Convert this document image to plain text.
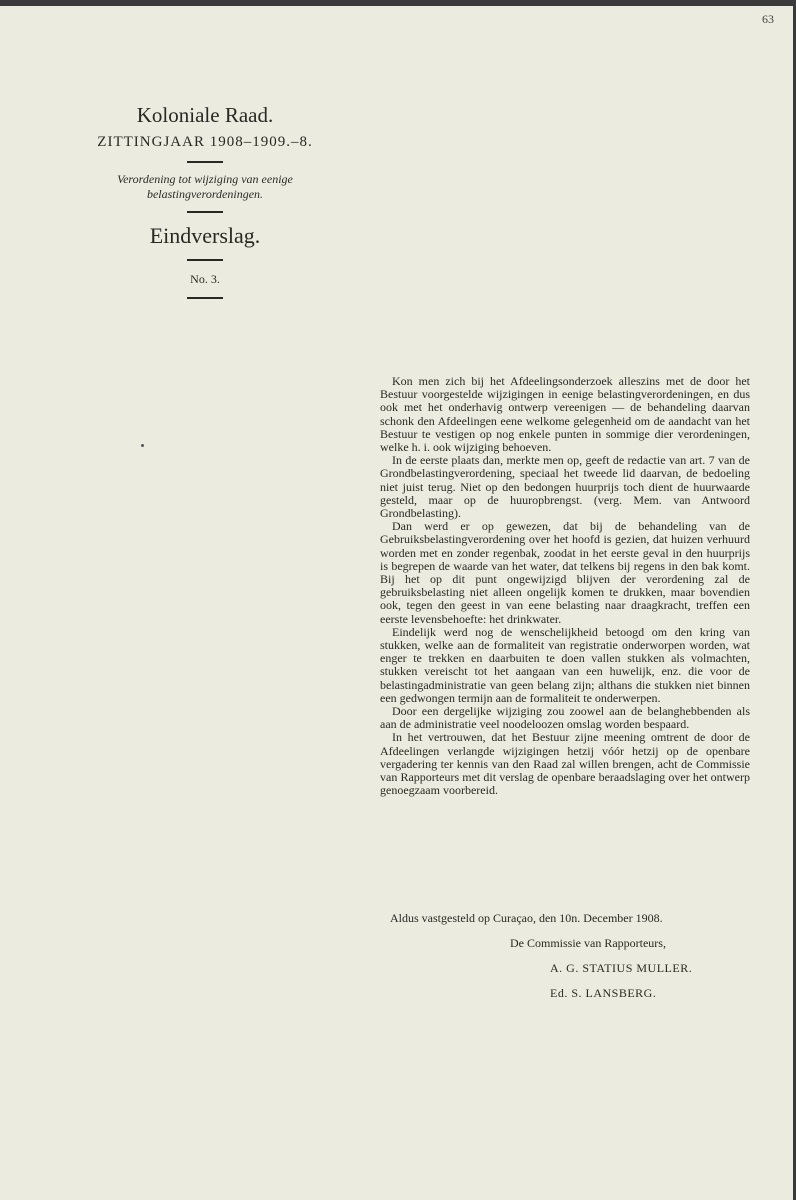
63
Koloniale Raad.
ZITTINGJAAR 1908–1909.–8.
Verordening tot wijziging van eenige belastingverordeningen.
Eindverslag.
No. 3.

Kon men zich bij het Afdeelingsonderzoek alleszins met de door het Bestuur voorgestelde wijzigingen in eenige belastingverordeningen, en dus ook met het onderhavig ontwerp vereenigen — de behandeling daarvan schonk den Afdeelingen eene welkome gelegenheid om de aandacht van het Bestuur te vestigen op nog enkele punten in sommige dier verordeningen, welke h. i. ook wijziging behoeven.

In de eerste plaats dan, merkte men op, geeft de redactie van art. 7 van de Grondbelastingverordening, speciaal het tweede lid daarvan, de bedoeling niet juist terug. Niet op den bedongen huurprijs toch dient de huurwaarde gesteld, maar op de huuropbrengst. (verg. Mem. van Antwoord Grondbelasting).

Dan werd er op gewezen, dat bij de behandeling van de Gebruiksbelastingverordening over het hoofd is gezien, dat huizen verhuurd worden met en zonder regenbak, zoodat in het eerste geval in den huurprijs is begrepen de waarde van het water, dat telkens bij regens in den bak komt. Bij het op dit punt ongewijzigd blijven der verordening zal de gebruiksbelasting niet alleen ongelijk komen te drukken, maar bovendien ook, tegen den geest in van eene belasting naar draagkracht, treffen een eerste levensbehoefte: het drinkwater.

Eindelijk werd nog de wenschelijkheid betoogd om den kring van stukken, welke aan de formaliteit van registratie onderworpen worden, wat enger te trekken en daarbuiten te doen vallen stukken als volmachten, stukken vereischt tot het aangaan van een huwelijk, enz. die voor de belastingadministratie van geen belang zijn; althans die stukken niet binnen een gedwongen termijn aan de formaliteit te onderwerpen.

Door een dergelijke wijziging zou zoowel aan de belanghebbenden als aan de administratie veel noodeloozen omslag worden bespaard.

In het vertrouwen, dat het Bestuur zijne meening omtrent de door de Afdeelingen verlangde wijzigingen hetzij vóór hetzij op de openbare vergadering ter kennis van den Raad zal willen brengen, acht de Commissie van Rapporteurs met dit verslag de openbare beraadslaging over het ontwerp genoegzaam voorbereid.

Aldus vastgesteld op Curaçao, den 10n. December 1908.
De Commissie van Rapporteurs,
A. G. STATIUS MULLER.
Ed. S. LANSBERG.
